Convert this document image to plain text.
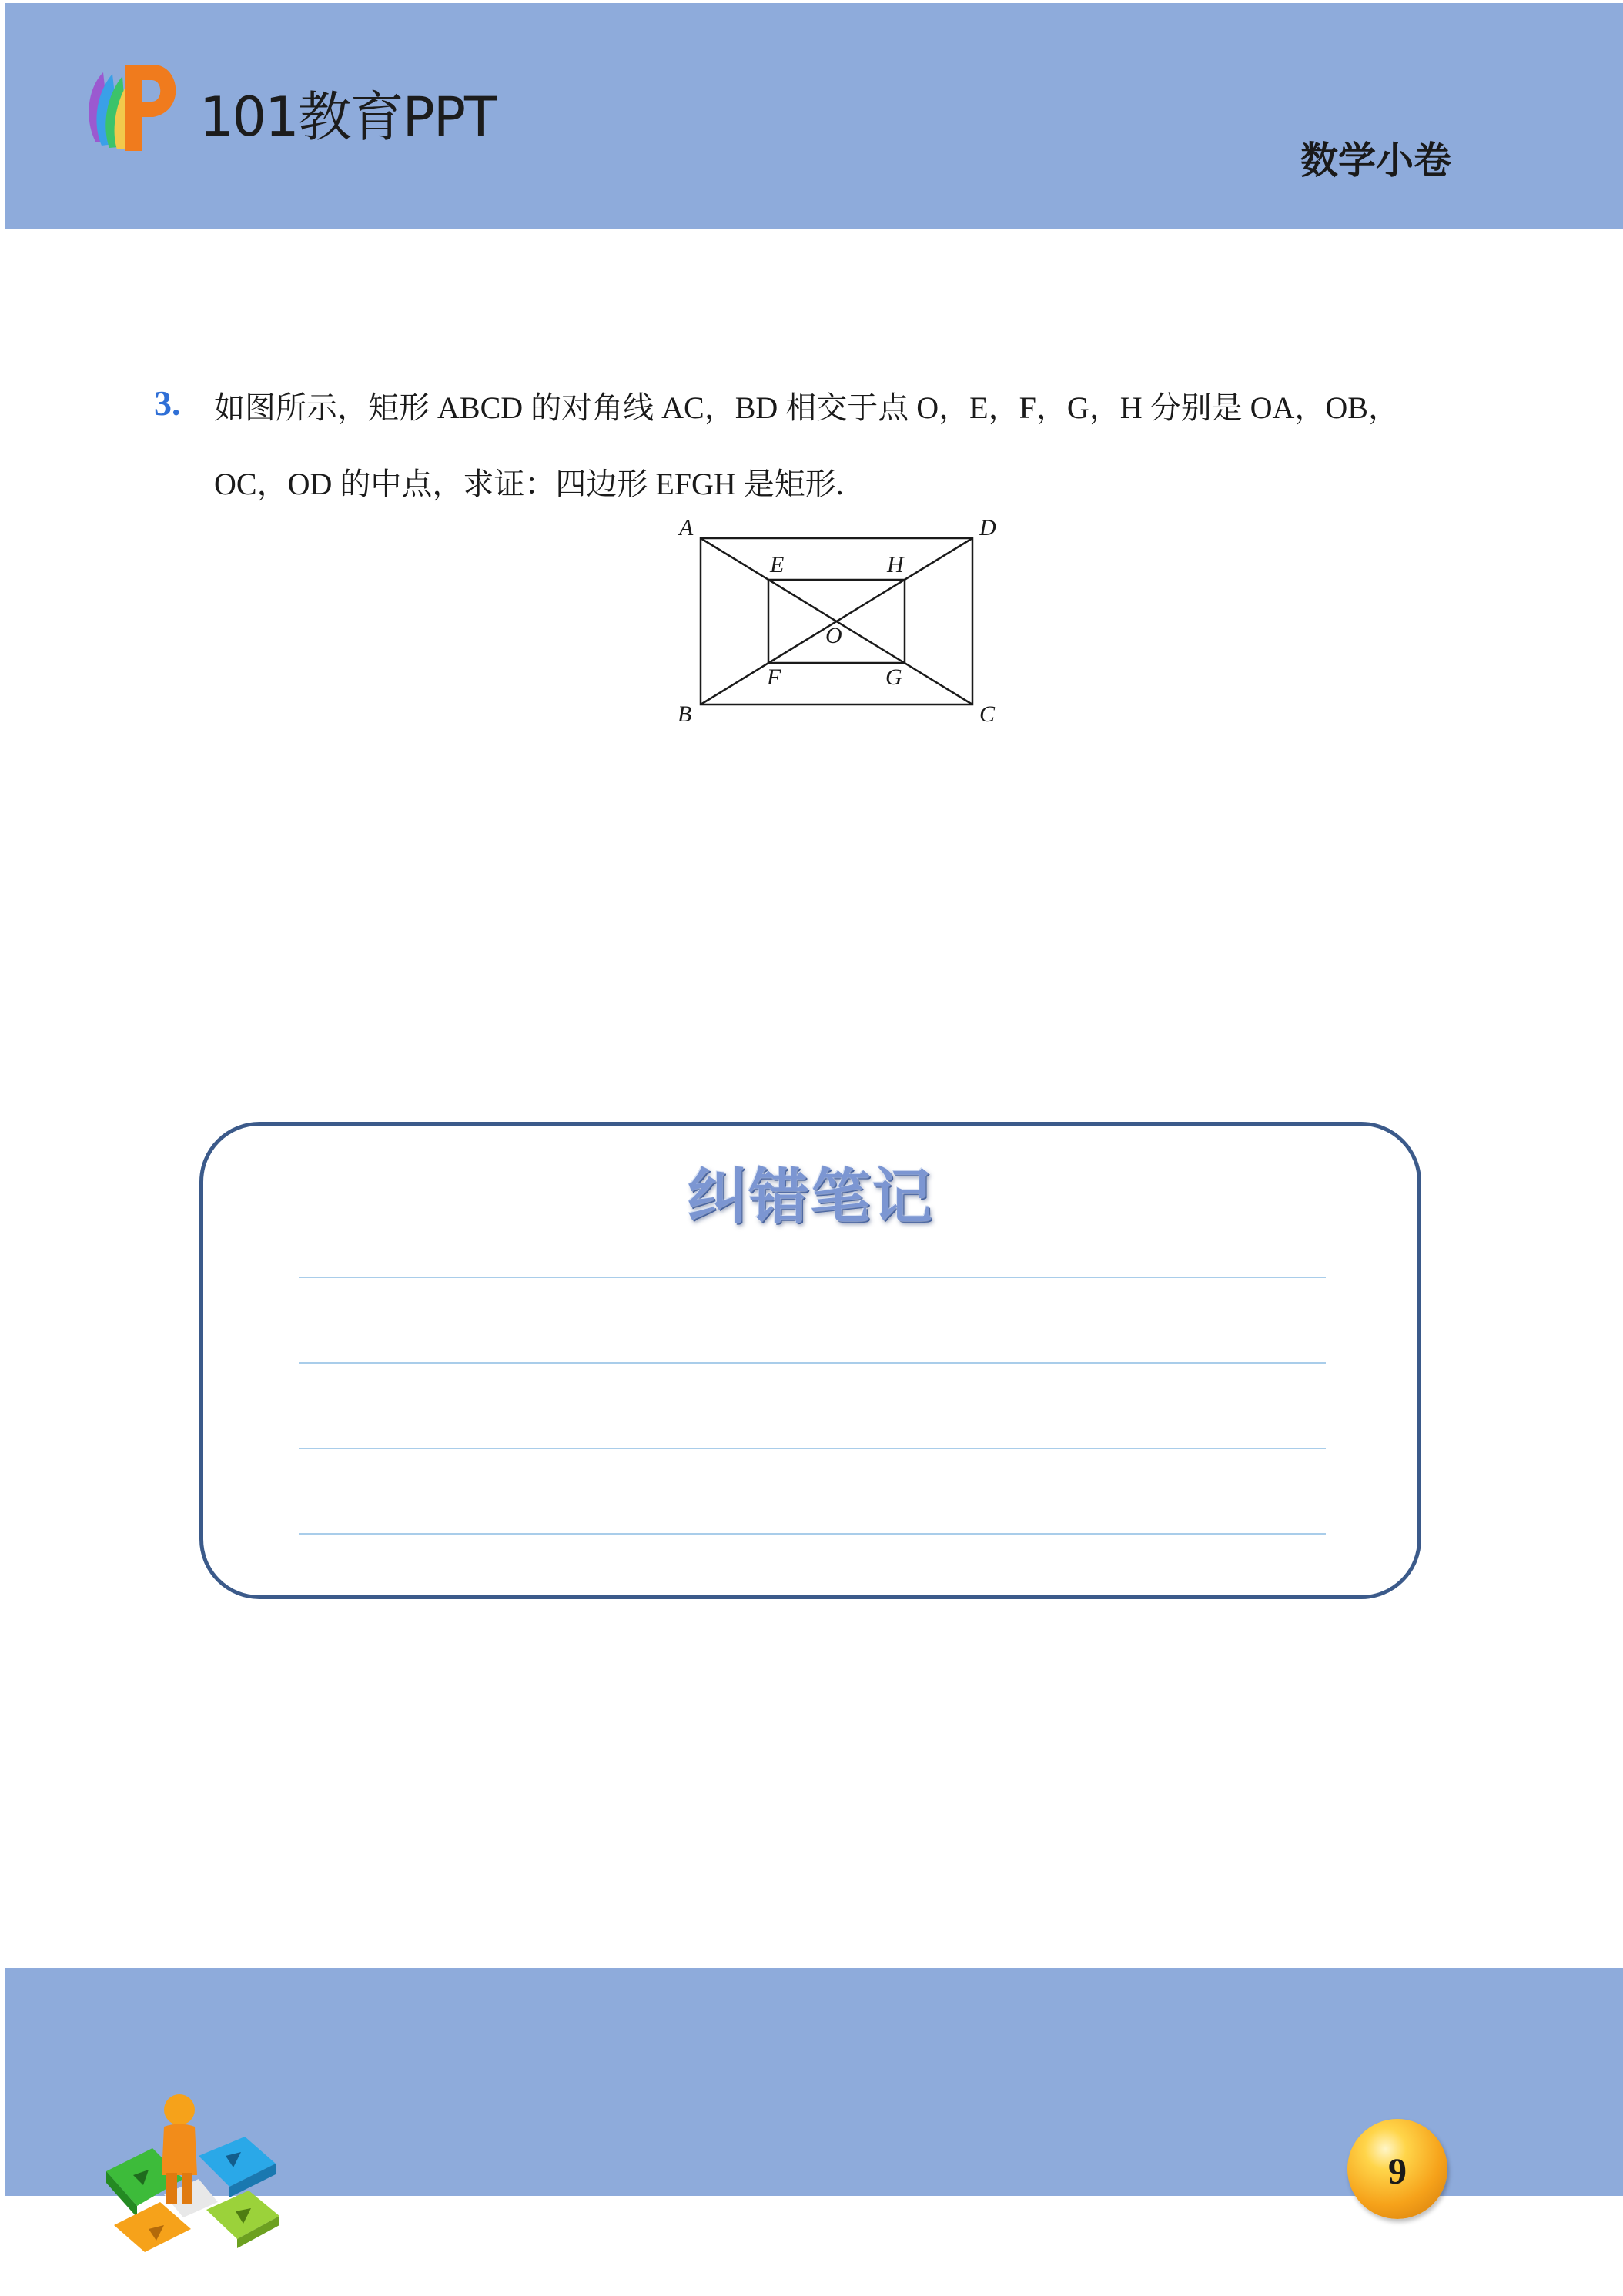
101教育PPT
数学小卷
3. 如图所示，矩形 ABCD 的对角线 AC，BD 相交于点 O，E，F，G，H 分别是 OA，OB，
OC，OD 的中点，求证：四边形 EFGH 是矩形.
A	D
B	C
E	H
F	G
O
纠错笔记
9
